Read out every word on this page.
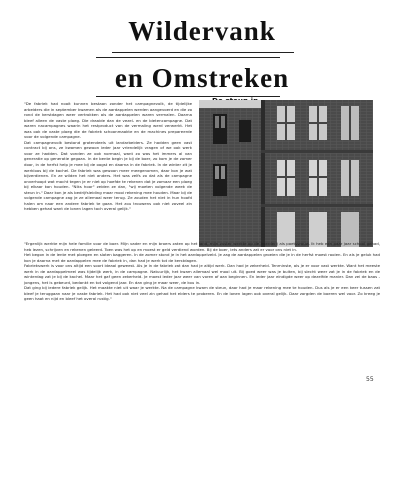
Wildervank
en Omstreken

"De fabriek had nooit kunnen bestaan zonder het campagnevolk, de tijdelijke arbeiders die in september kwamen als de aardappelen werden aangevoerd en die zo rond de kerstdagen weer vertrokken als de aardappelen waren vermalen. Daarna bleef alleen de vaste ploeg. Die draaide dan de vezel- en de bietencampagne. Dat waren nacampagnes waarin het restproduct van de vermaling werd verwerkt. Het was ook de vaste ploeg die de fabriek schoonmaakte en de machines prepareerde voor de volgende campagne.

Dat campagnevolk bestond grotendeels uit landarbeiders. Ze hadden geen vast contract bij ons, ze kwamen gewoon ieder jaar vriendelijk vragen of we ook werk voor ze hadden. Dat vonden ze ook normaal, want zo was het immers al van generatie op generatie gegaan. In de bente begin je bij de boer, zo kom je de zomer door, in de herfst help je mee bij de oogst en daarna in de fabriek. In de winter zit je werkloos bij de kachel. De fabriek was gewoon meer meegenomen, daar kon je wat bijverdienen. En ze wilden het niet anders. Het was zelfs zo dat als de campagne onverhoopt wat mocht tegen je er niet op hoefde te rekenen dat je zomaar een ploeg bij elkaar kon houden. "Niks hoor" zeiden ze dan, "wij moeten volgende week de steun in." Daar kon je als bedrijfsleiding maar mooi rekening mee houden. Maar bij de volgende campagne zag je ze allemaal weer terug. Ze zouden het niet in hun hoofd halen om naar een andere fabriek te gaan. Het zou trouwens ook niet zoveel zin hebben gehad want de lonen lagen toch overal gelijk."

"Ergenlijk werkte mijn hele familie voor de boer. Mijn vader en mijn broers zaten op het land, mijn zuster werkte op de boerderij als poetsvrouw. Ik heb een paar jaar school gehad, heb lezen, schrijven en rekenen geleerd. Toen was het op en moest er geld verdiend worden. Bij de boer, iets anders zat er voor ons niet in.

Het begon in de lente met ploegen en sloten baggeren. In de zomer stond je in het aardappelveld. Je zag de aardappelen groeien die je in de herfst moest rooien. En als je geluk had kon je daarna met de aardappelen mee de fabriek in, dan had je werk tot de kerstdagen.

Fabriekswerk is voor ons altijd een soort ideaal geweest. Als je in de fabriek zat dan had je altijd werk. Dan had je zekerheid. Tenminste, als je er voor vast werkte. Want het meeste werk in de aardappelmeel was tijdelijk werk, in de campagne. Natuurlijk, het kwam allemaal wel mooi uit. Bij goed weer was je buiten, bij slecht weer zat je in de fabriek en de winterdag zat je bij de kachel. Maar het gaf geen zekerheid. Je moest ieder jaar weer van voren af aan beginnen. En ieder jaar eindigde weer op dezelfde manier. Dan zei de baas - jongens, het is gebeurd, bedankt en tot volgend jaar. En dan ging je maar weer, de kou in.

Dat ging bij iedere fabriek gelijk. Het maakte niet uit waar je werkte. Na de campagne kwam de steun, daar had je maar rekening mee te houden. Dus als je er een keer tussen zat bleef je teruggaan naar je vaste fabriek. Het had ook niet veel zin gehad het elders te proberen. En de lonen lagen ook overal gelijk. Daar zorgden de boeren wel voor. Zo kreeg je geen haat en nijd en bleef het overal rustig."

55
